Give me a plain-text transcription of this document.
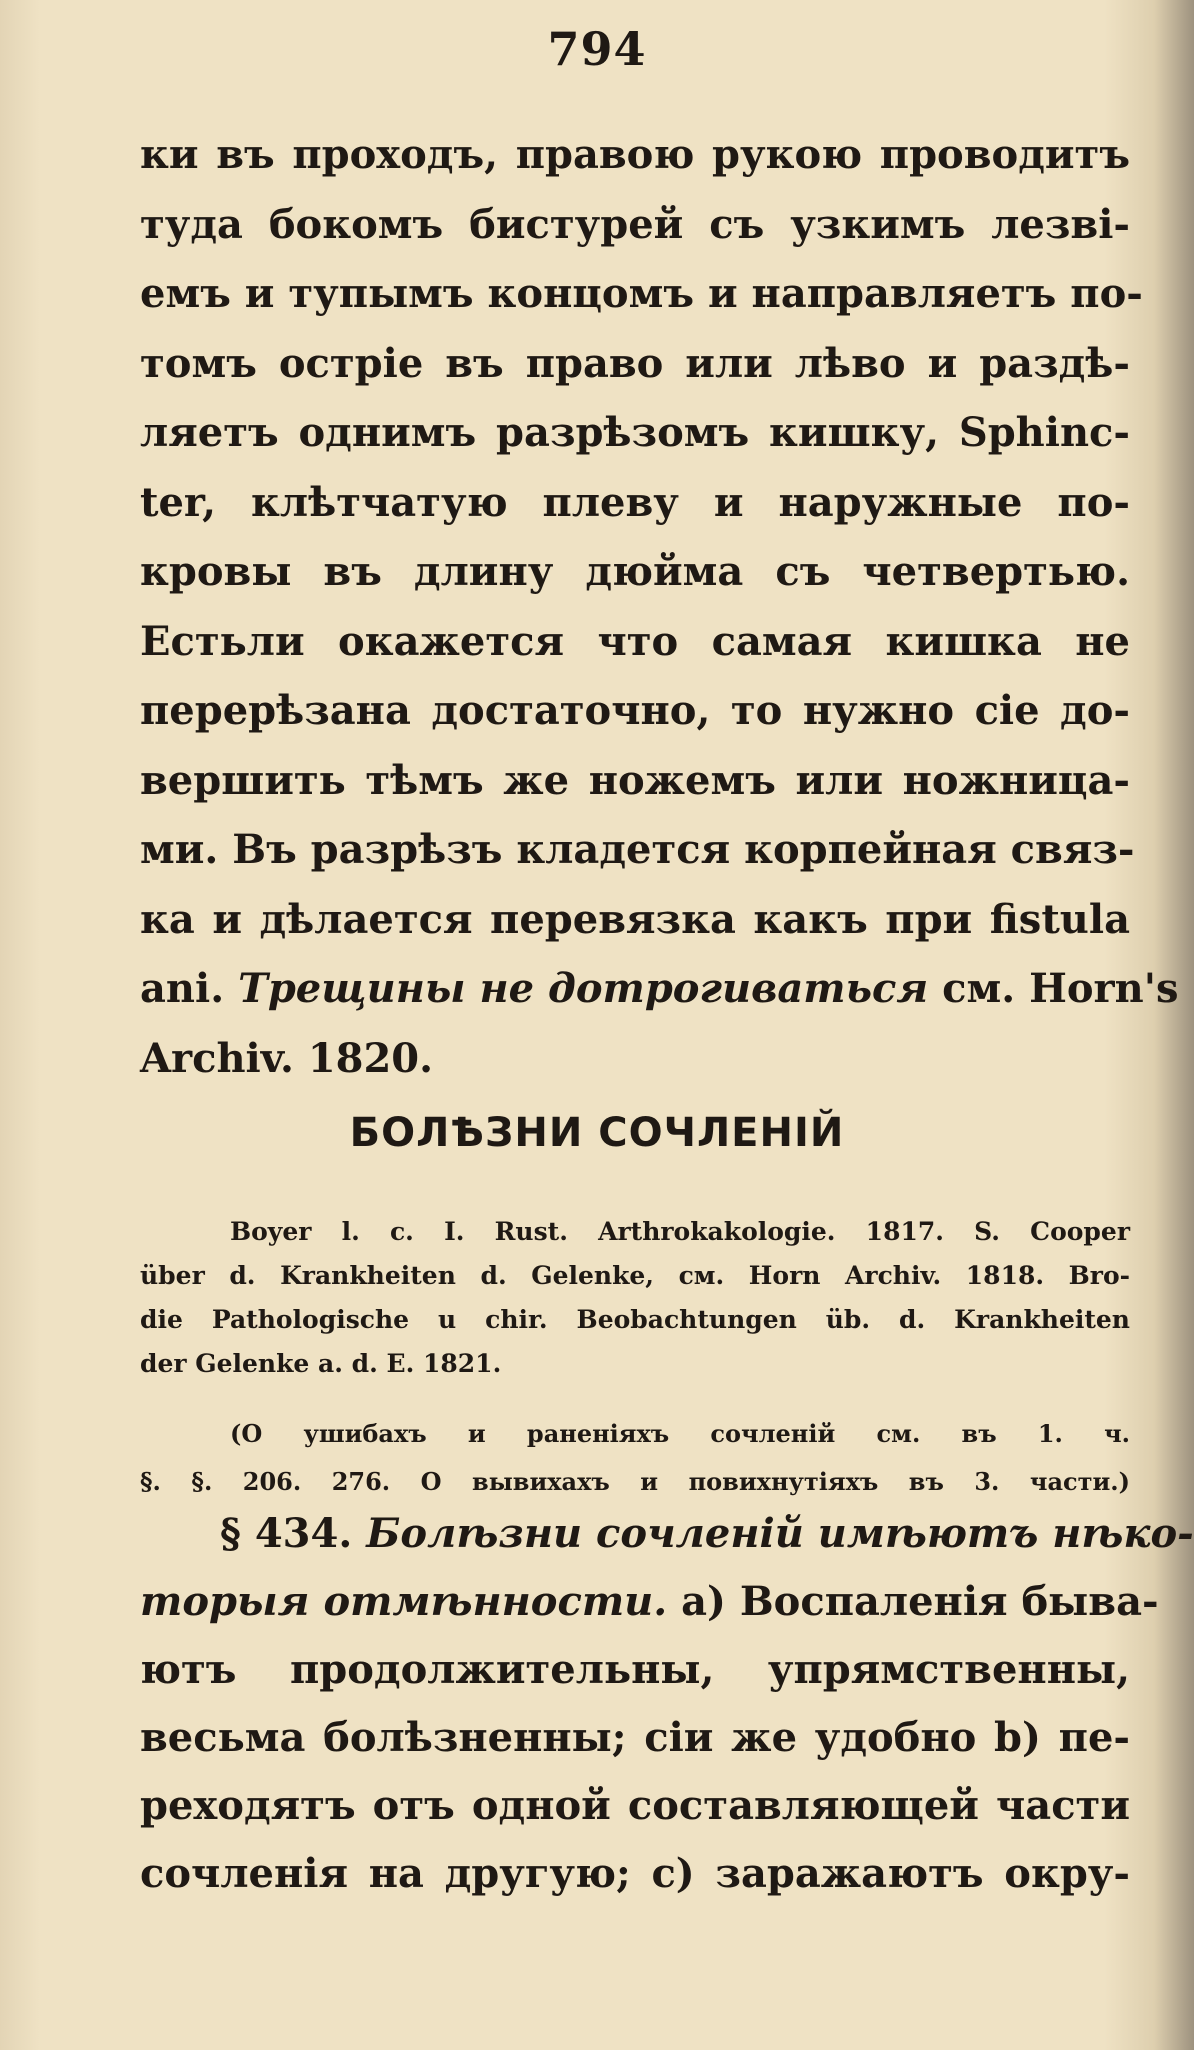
794
ки въ проходъ, правою рукою проводитъ
туда бокомъ бистурей съ узкимъ лезві-
емъ и тупымъ концомъ и направляетъ по-
томъ остріе въ право или лѣво и раздѣ-
ляетъ однимъ разрѣзомъ кишку, Sphinc-
ter, клѣтчатую плеву и наружные по-
кровы въ длину дюйма съ четвертью.
Естьли окажется что самая кишка не
перерѣзана достаточно, то нужно сіе до-
вершить тѣмъ же ножемъ или ножница-
ми. Въ разрѣзъ кладется корпейная связ-
ка и дѣлается перевязка какъ при fistula
ani. Трещины не дотрогиваться см. Horn's
Archiv. 1820.
БОЛѢЗНИ СОЧЛЕНІЙ
Boyer l. c. I. Rust. Arthrokakologie. 1817. S. Cooper
über d. Krankheiten d. Gelenke, см. Horn Archiv. 1818. Bro-
die Pathologische u chir. Beobachtungen üb. d. Krankheiten
der Gelenke a. d. E. 1821.
(О ушибахъ и раненіяхъ сочленій см. въ 1. ч.
§. §. 206. 276. О вывихахъ и повихнутіяхъ въ 3. части.)
§ 434. Болѣзни сочленій имѣютъ нѣко-
торыя отмѣнности. а) Воспаленія быва-
ютъ продолжительны, упрямственны,
весьма болѣзненны; сіи же удобно b) пе-
реходятъ отъ одной составляющей части
сочленія на другую; с) заражаютъ окру-
